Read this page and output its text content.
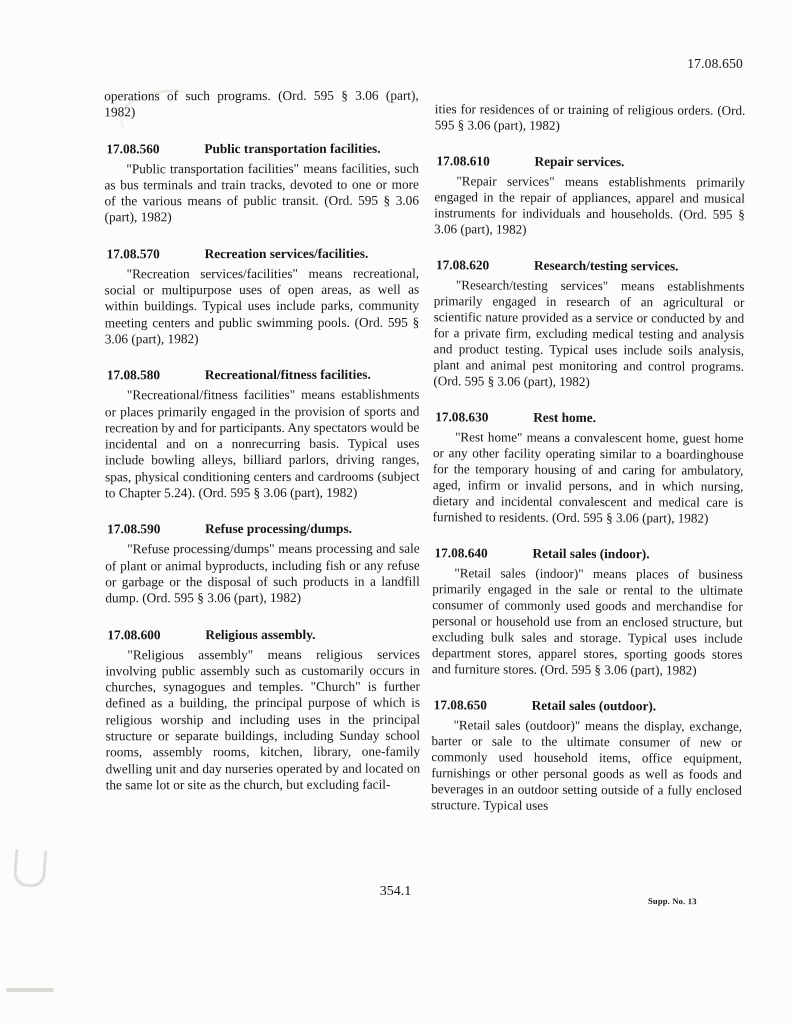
17.08.650

operations of such programs. (Ord. 595 § 3.06 (part), 1982)

17.08.560	Public transportation facilities.

"Public transportation facilities" means facilities, such as bus terminals and train tracks, devoted to one or more of the various means of public transit. (Ord. 595 § 3.06 (part), 1982)

17.08.570	Recreation services/facilities.

"Recreation services/facilities" means recreational, social or multipurpose uses of open areas, as well as within buildings. Typical uses include parks, community meeting centers and public swimming pools. (Ord. 595 § 3.06 (part), 1982)

17.08.580	Recreational/fitness facilities.

"Recreational/fitness facilities" means establishments or places primarily engaged in the provision of sports and recreation by and for participants. Any spectators would be incidental and on a nonrecurring basis. Typical uses include bowling alleys, billiard parlors, driving ranges, spas, physical conditioning centers and cardrooms (subject to Chapter 5.24). (Ord. 595 § 3.06 (part), 1982)

17.08.590	Refuse processing/dumps.

"Refuse processing/dumps" means processing and sale of plant or animal byproducts, including fish or any refuse or garbage or the disposal of such products in a landfill dump. (Ord. 595 § 3.06 (part), 1982)

17.08.600	Religious assembly.

"Religious assembly" means religious services involving public assembly such as customarily occurs in churches, synagogues and temples. "Church" is further defined as a building, the principal purpose of which is religious worship and including uses in the principal structure or separate buildings, including Sunday school rooms, assembly rooms, kitchen, library, one-family dwelling unit and day nurseries operated by and located on the same lot or site as the church, but excluding facil-

ities for residences of or training of religious orders. (Ord. 595 § 3.06 (part), 1982)

17.08.610	Repair services.

"Repair services" means establishments primarily engaged in the repair of appliances, apparel and musical instruments for individuals and households. (Ord. 595 § 3.06 (part), 1982)

17.08.620	Research/testing services.

"Research/testing services" means establishments primarily engaged in research of an agricultural or scientific nature provided as a service or conducted by and for a private firm, excluding medical testing and analysis and product testing. Typical uses include soils analysis, plant and animal pest monitoring and control programs. (Ord. 595 § 3.06 (part), 1982)

17.08.630	Rest home.

"Rest home" means a convalescent home, guest home or any other facility operating similar to a boardinghouse for the temporary housing of and caring for ambulatory, aged, infirm or invalid persons, and in which nursing, dietary and incidental convalescent and medical care is furnished to residents. (Ord. 595 § 3.06 (part), 1982)

17.08.640	Retail sales (indoor).

"Retail sales (indoor)" means places of business primarily engaged in the sale or rental to the ultimate consumer of commonly used goods and merchandise for personal or household use from an enclosed structure, but excluding bulk sales and storage. Typical uses include department stores, apparel stores, sporting goods stores and furniture stores. (Ord. 595 § 3.06 (part), 1982)

17.08.650	Retail sales (outdoor).

"Retail sales (outdoor)" means the display, exchange, barter or sale to the ultimate consumer of new or commonly used household items, office equipment, furnishings or other personal goods as well as foods and beverages in an outdoor setting outside of a fully enclosed structure. Typical uses

354.1
Supp. No. 13
